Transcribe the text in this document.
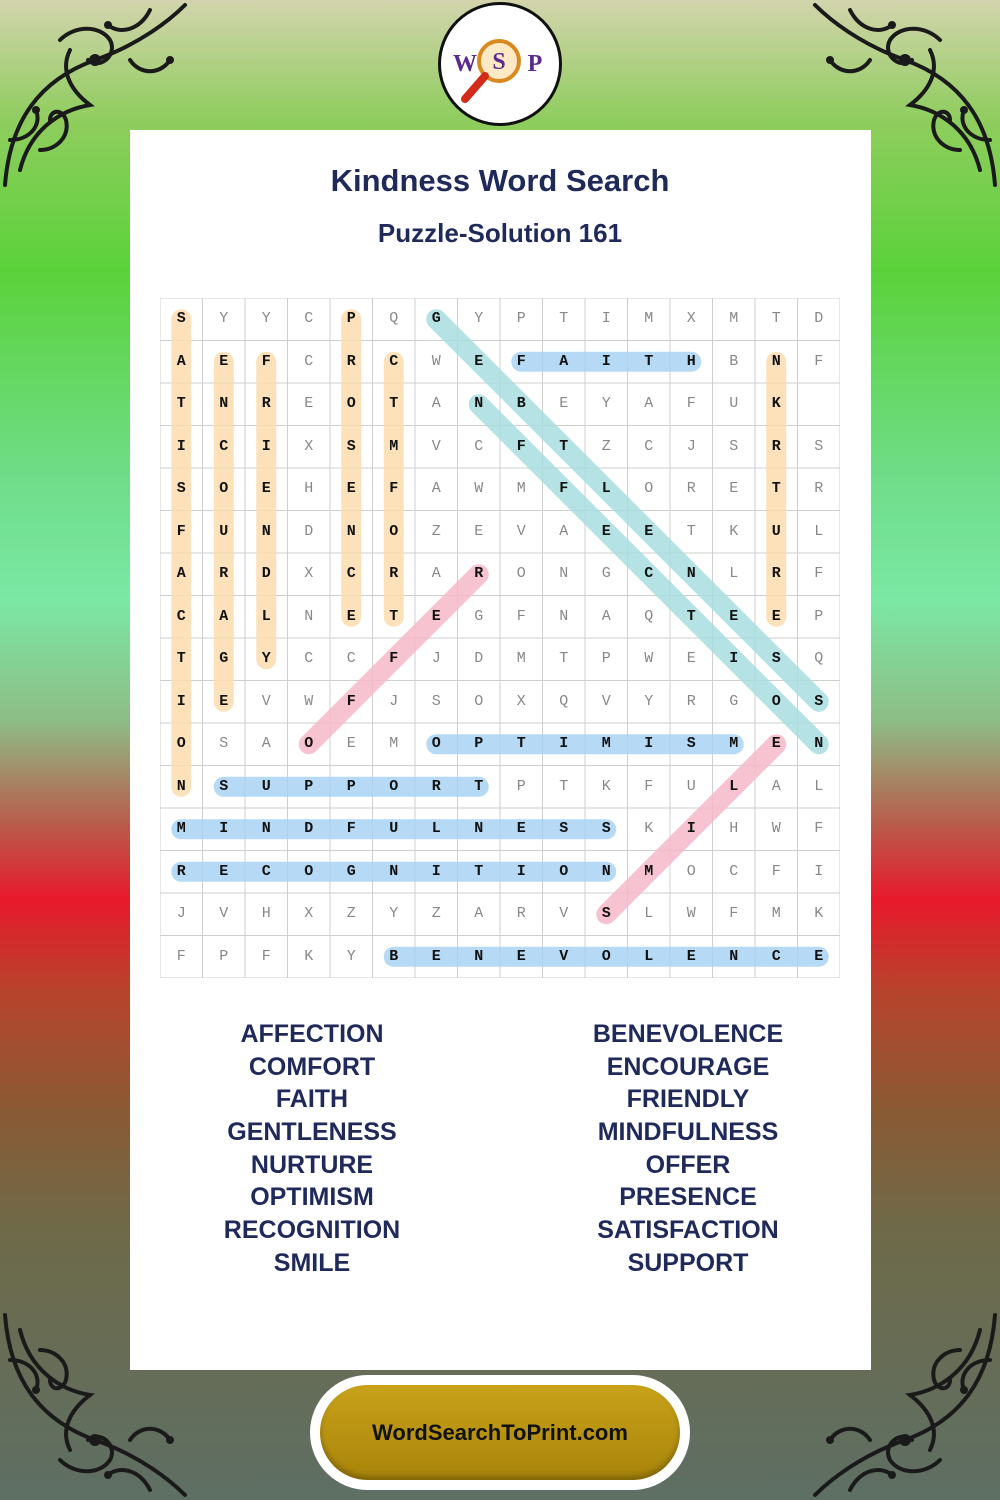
W S P
Kindness Word Search
Puzzle-Solution 161
S	Y	Y	C	P	Q	G	Y	P	T	I	M	X	M	T	D
A	E	F	C	R	C	W	E	F	A	I	T	H	B	N	F
T	N	R	E	O	T	A	N	B	E	Y	A	F	U	K
I	C	I	X	S	M	V	C	F	T	Z	C	J	S	R	S
S	O	E	H	E	F	A	W	M	F	L	O	R	E	Т	R
F	U	N	D	N	O	Z	E	V	A	E	E	T	K	U	L
A	R	D	X	C	R	A	R	O	N	G	C	N	L	R	F
C	A	L	N	E	T	E	G	F	N	A	Q	T	E	E	P
T	G	Y	C	C	F	J	D	M	T	P	W	E	I	S	Q
I	E	V	W	F	J	S	O	X	Q	V	Y	R	G	O	S
O	S	A	O	E	M	O	P	T	I	M	I	S	M	E	N
N	S	U	P	P	O	R	T	P	T	K	F	U	L	A	L
M	I	N	D	F	U	L	N	E	S	S	K	I	H	W	F
R	E	C	O	G	N	I	T	I	O	N	M	O	C	F	I
J	V	H	X	Z	Y	Z	A	R	V	S	L	W	F	M	K
F	P	F	K	Y	B	E	N	E	V	O	L	E	N	C	E
AFFECTION
COMFORT
FAITH
GENTLENESS
NURTURE
OPTIMISM
RECOGNITION
SMILE
BENEVOLENCE
ENCOURAGE
FRIENDLY
MINDFULNESS
OFFER
PRESENCE
SATISFACTION
SUPPORT
WordSearchToPrint.com
